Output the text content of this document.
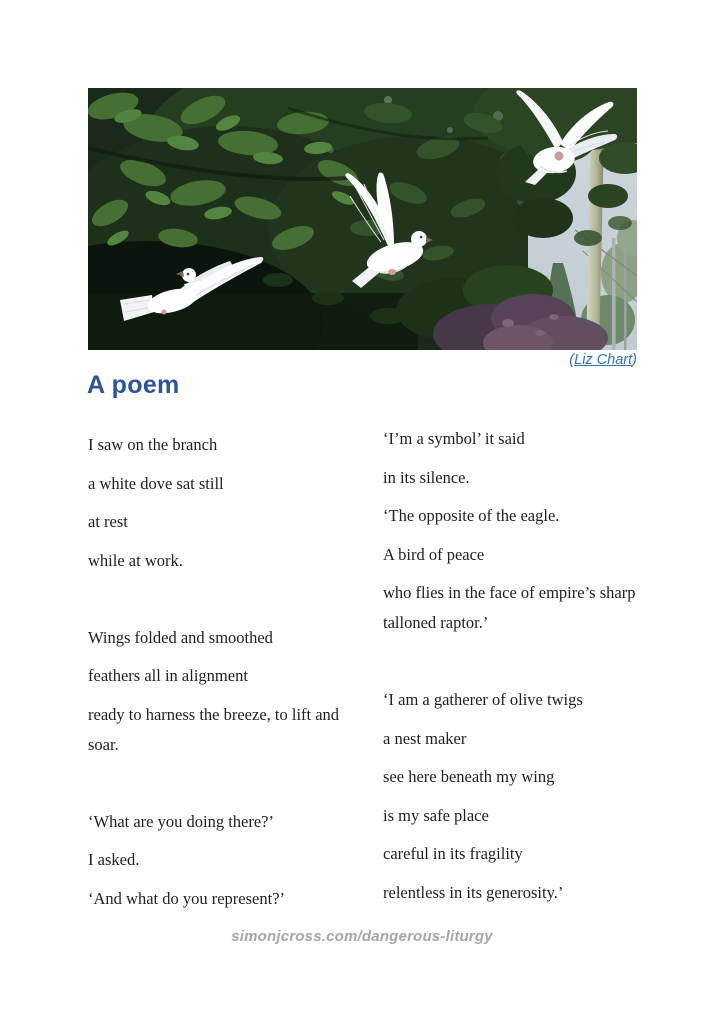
(Liz Chart)
A poem

I saw on the branch

a white dove sat still

at rest

while at work.

Wings folded and smoothed

feathers all in alignment

ready to harness the breeze, to lift and

soar.

‘What are you doing there?’

I asked.

‘And what do you represent?’

‘I’m a symbol’ it said

in its silence.

‘The opposite of the eagle.

A bird of peace

who flies in the face of empire’s sharp

talloned raptor.’

‘I am a gatherer of olive twigs

a nest maker

see here beneath my wing

is my safe place

careful in its fragility

relentless in its generosity.’

simonjcross.com/dangerous-liturgy
